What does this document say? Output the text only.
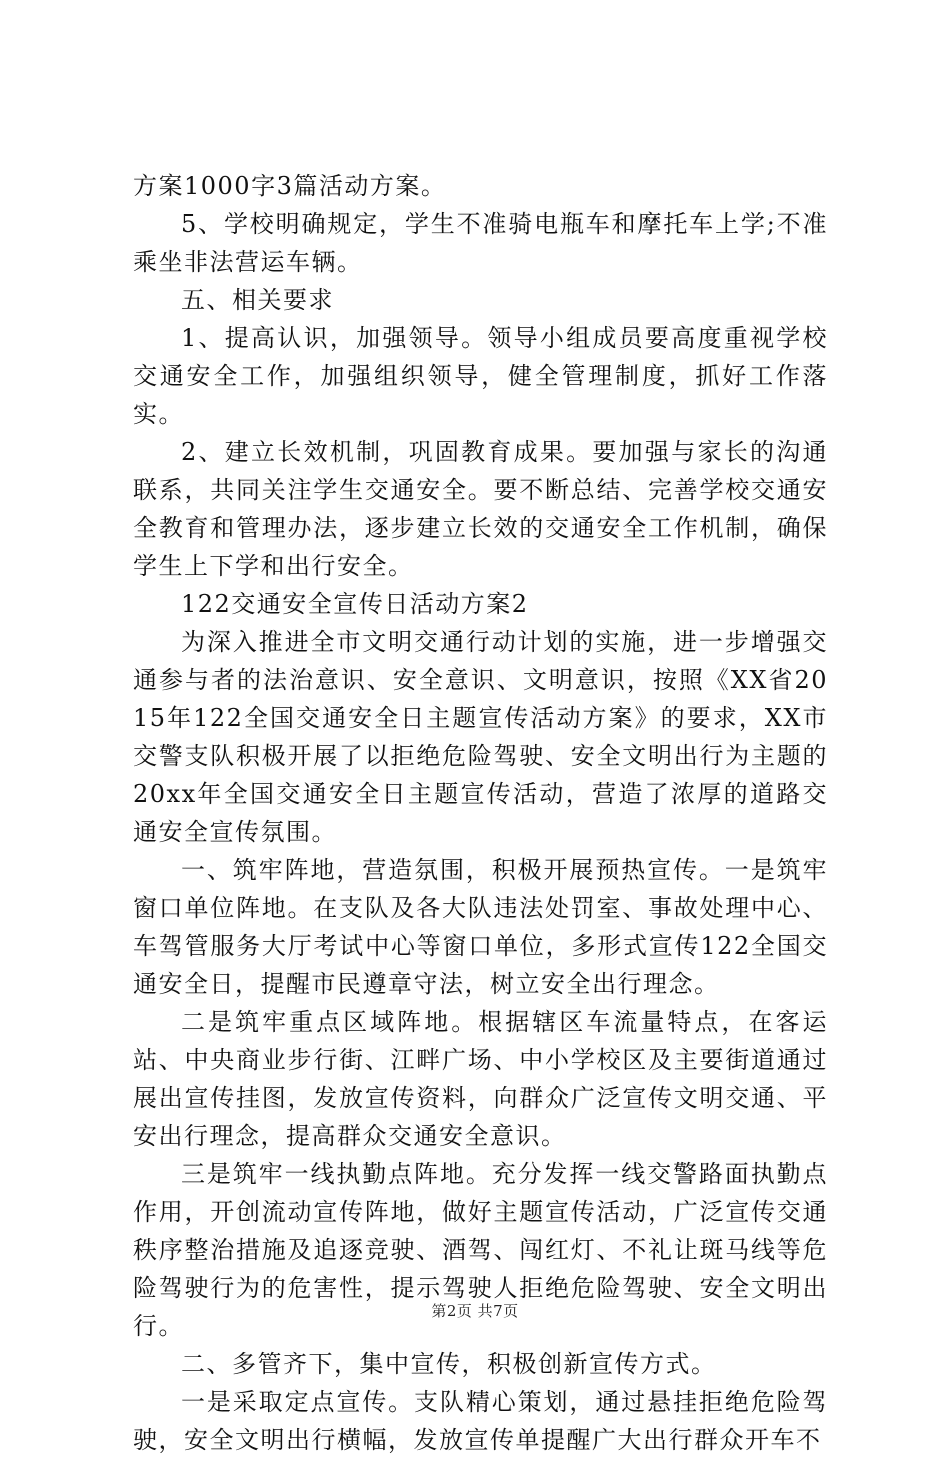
方案1000字3篇活动方案。

5、学校明确规定，学生不准骑电瓶车和摩托车上学;不准乘坐非法营运车辆。

五、相关要求

1、提高认识，加强领导。领导小组成员要高度重视学校交通安全工作，加强组织领导，健全管理制度，抓好工作落实。

2、建立长效机制，巩固教育成果。要加强与家长的沟通联系，共同关注学生交通安全。要不断总结、完善学校交通安全教育和管理办法，逐步建立长效的交通安全工作机制，确保学生上下学和出行安全。

122交通安全宣传日活动方案2

为深入推进全市文明交通行动计划的实施，进一步增强交通参与者的法治意识、安全意识、文明意识，按照《XX省2015年122全国交通安全日主题宣传活动方案》的要求，XX市交警支队积极开展了以拒绝危险驾驶、安全文明出行为主题的20xx年全国交通安全日主题宣传活动，营造了浓厚的道路交通安全宣传氛围。

一、筑牢阵地，营造氛围，积极开展预热宣传。一是筑牢窗口单位阵地。在支队及各大队违法处罚室、事故处理中心、车驾管服务大厅考试中心等窗口单位，多形式宣传122全国交通安全日，提醒市民遵章守法，树立安全出行理念。

二是筑牢重点区域阵地。根据辖区车流量特点，在客运站、中央商业步行街、江畔广场、中小学校区及主要街道通过展出宣传挂图，发放宣传资料，向群众广泛宣传文明交通、平安出行理念，提高群众交通安全意识。

三是筑牢一线执勤点阵地。充分发挥一线交警路面执勤点作用，开创流动宣传阵地，做好主题宣传活动，广泛宣传交通秩序整治措施及追逐竞驶、酒驾、闯红灯、不礼让斑马线等危险驾驶行为的危害性，提示驾驶人拒绝危险驾驶、安全文明出行。

二、多管齐下，集中宣传，积极创新宣传方式。

一是采取定点宣传。支队精心策划，通过悬挂拒绝危险驾驶，安全文明出行横幅，发放宣传单提醒广大出行群众开车不

第2页 共7页
